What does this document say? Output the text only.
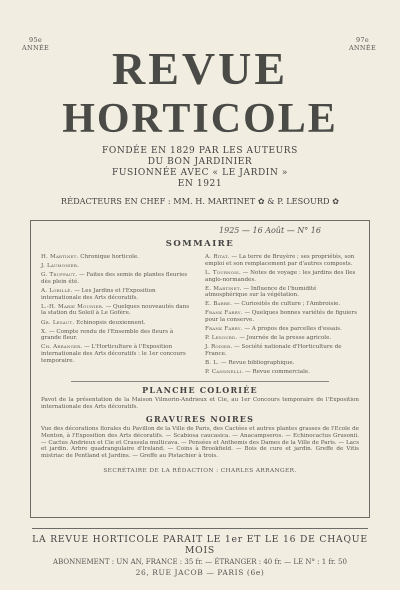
95e
ANNÉE
97e
ANNÉE
REVUE
HORTICOLE
FONDÉE EN 1829 PAR LES AUTEURS
DU BON JARDINIER
FUSIONNÉE AVEC « LE JARDIN »
EN 1921
RÉDACTEURS EN CHEF : MM. H. MARTINET ✿ & P. LESOURD ✿
1925 — 16 Août — N° 16
SOMMAIRE
H. Martinet. Chronique horticole.
J. Laumonier.
G. Truffaut. — Faites des semis de plantes fleuries dès plein été.
A. Lorillé. — Les Jardins et l'Exposition internationale des Arts décoratifs.
L.-H. Marie Mounier. — Quelques nouveautés dans la station du Soleil à Le Gofère.
Gr. Lesaut. Echinopsis deuxiennent.
X. — Compte rendu de l'Ensemble des fleurs à grande fleur.
Ch. Arranger. — L'Horticulture à l'Exposition internationale des Arts décoratifs : le 1er concours temporaire.
A. Ritat. — La terre de Bruyère ; ses propriétés, son emploi et son remplacement par d'autres composts.
L. Tournois. — Notes de voyage : les jardins des Iles anglo-normandes.
E. Martinet. — Influence de l'humidité atmosphérique sur la végétation.
E. Barre. — Curiosités de culture ; l'Ambroisie.
Frank Farry. — Quelques bonnes variétés de figuiers pour la conserve.
Frank Farry. — A propos des parcelles d'essais.
P. Lesourd. — Journée de la presse agricole.
J. Rodier. — Société nationale d'Horticulture de France.
B. L. — Revue bibliographique.
P. Cassinelli. — Revue commerciale.
PLANCHE COLORIÉE
Pavot de la présentation de la Maison Vilmorin-Andrieux et Cie, au 1er Concours temporaire de l'Exposition internationale des Arts décoratifs.
GRAVURES NOIRES
Vue des décorations florales du Pavillon de la Ville de Paris, des Cactées et autres plantes grasses de l'Ecole de Menton, à l'Exposition des Arts décoratifs. — Scabiosa caucasica. — Anacampseros. — Echinocactus Grusonii. — Cactus Andrieux et Cie et Crassula multicava. — Pensées et Anthemis des Dames de la Ville de Paris. — Lacs et jardin. Arbre quadrangulaire d'Ireland. — Coins à Brookfield. — Bois de cure et jardin. Greffe de Vitis mistriac de Pentland et Jardins. — Greffe au Pistachier à trois.
SECRÉTAIRE DE LA RÉDACTION : CHARLES ARRANGER.
LA REVUE HORTICOLE PARAIT LE 1er ET LE 16 DE CHAQUE MOIS
ABONNEMENT : UN AN, FRANCE : 35 fr. — ÉTRANGER : 40 fr. — LE N° : 1 fr. 50
26, RUE JACOB — PARIS (6e)
